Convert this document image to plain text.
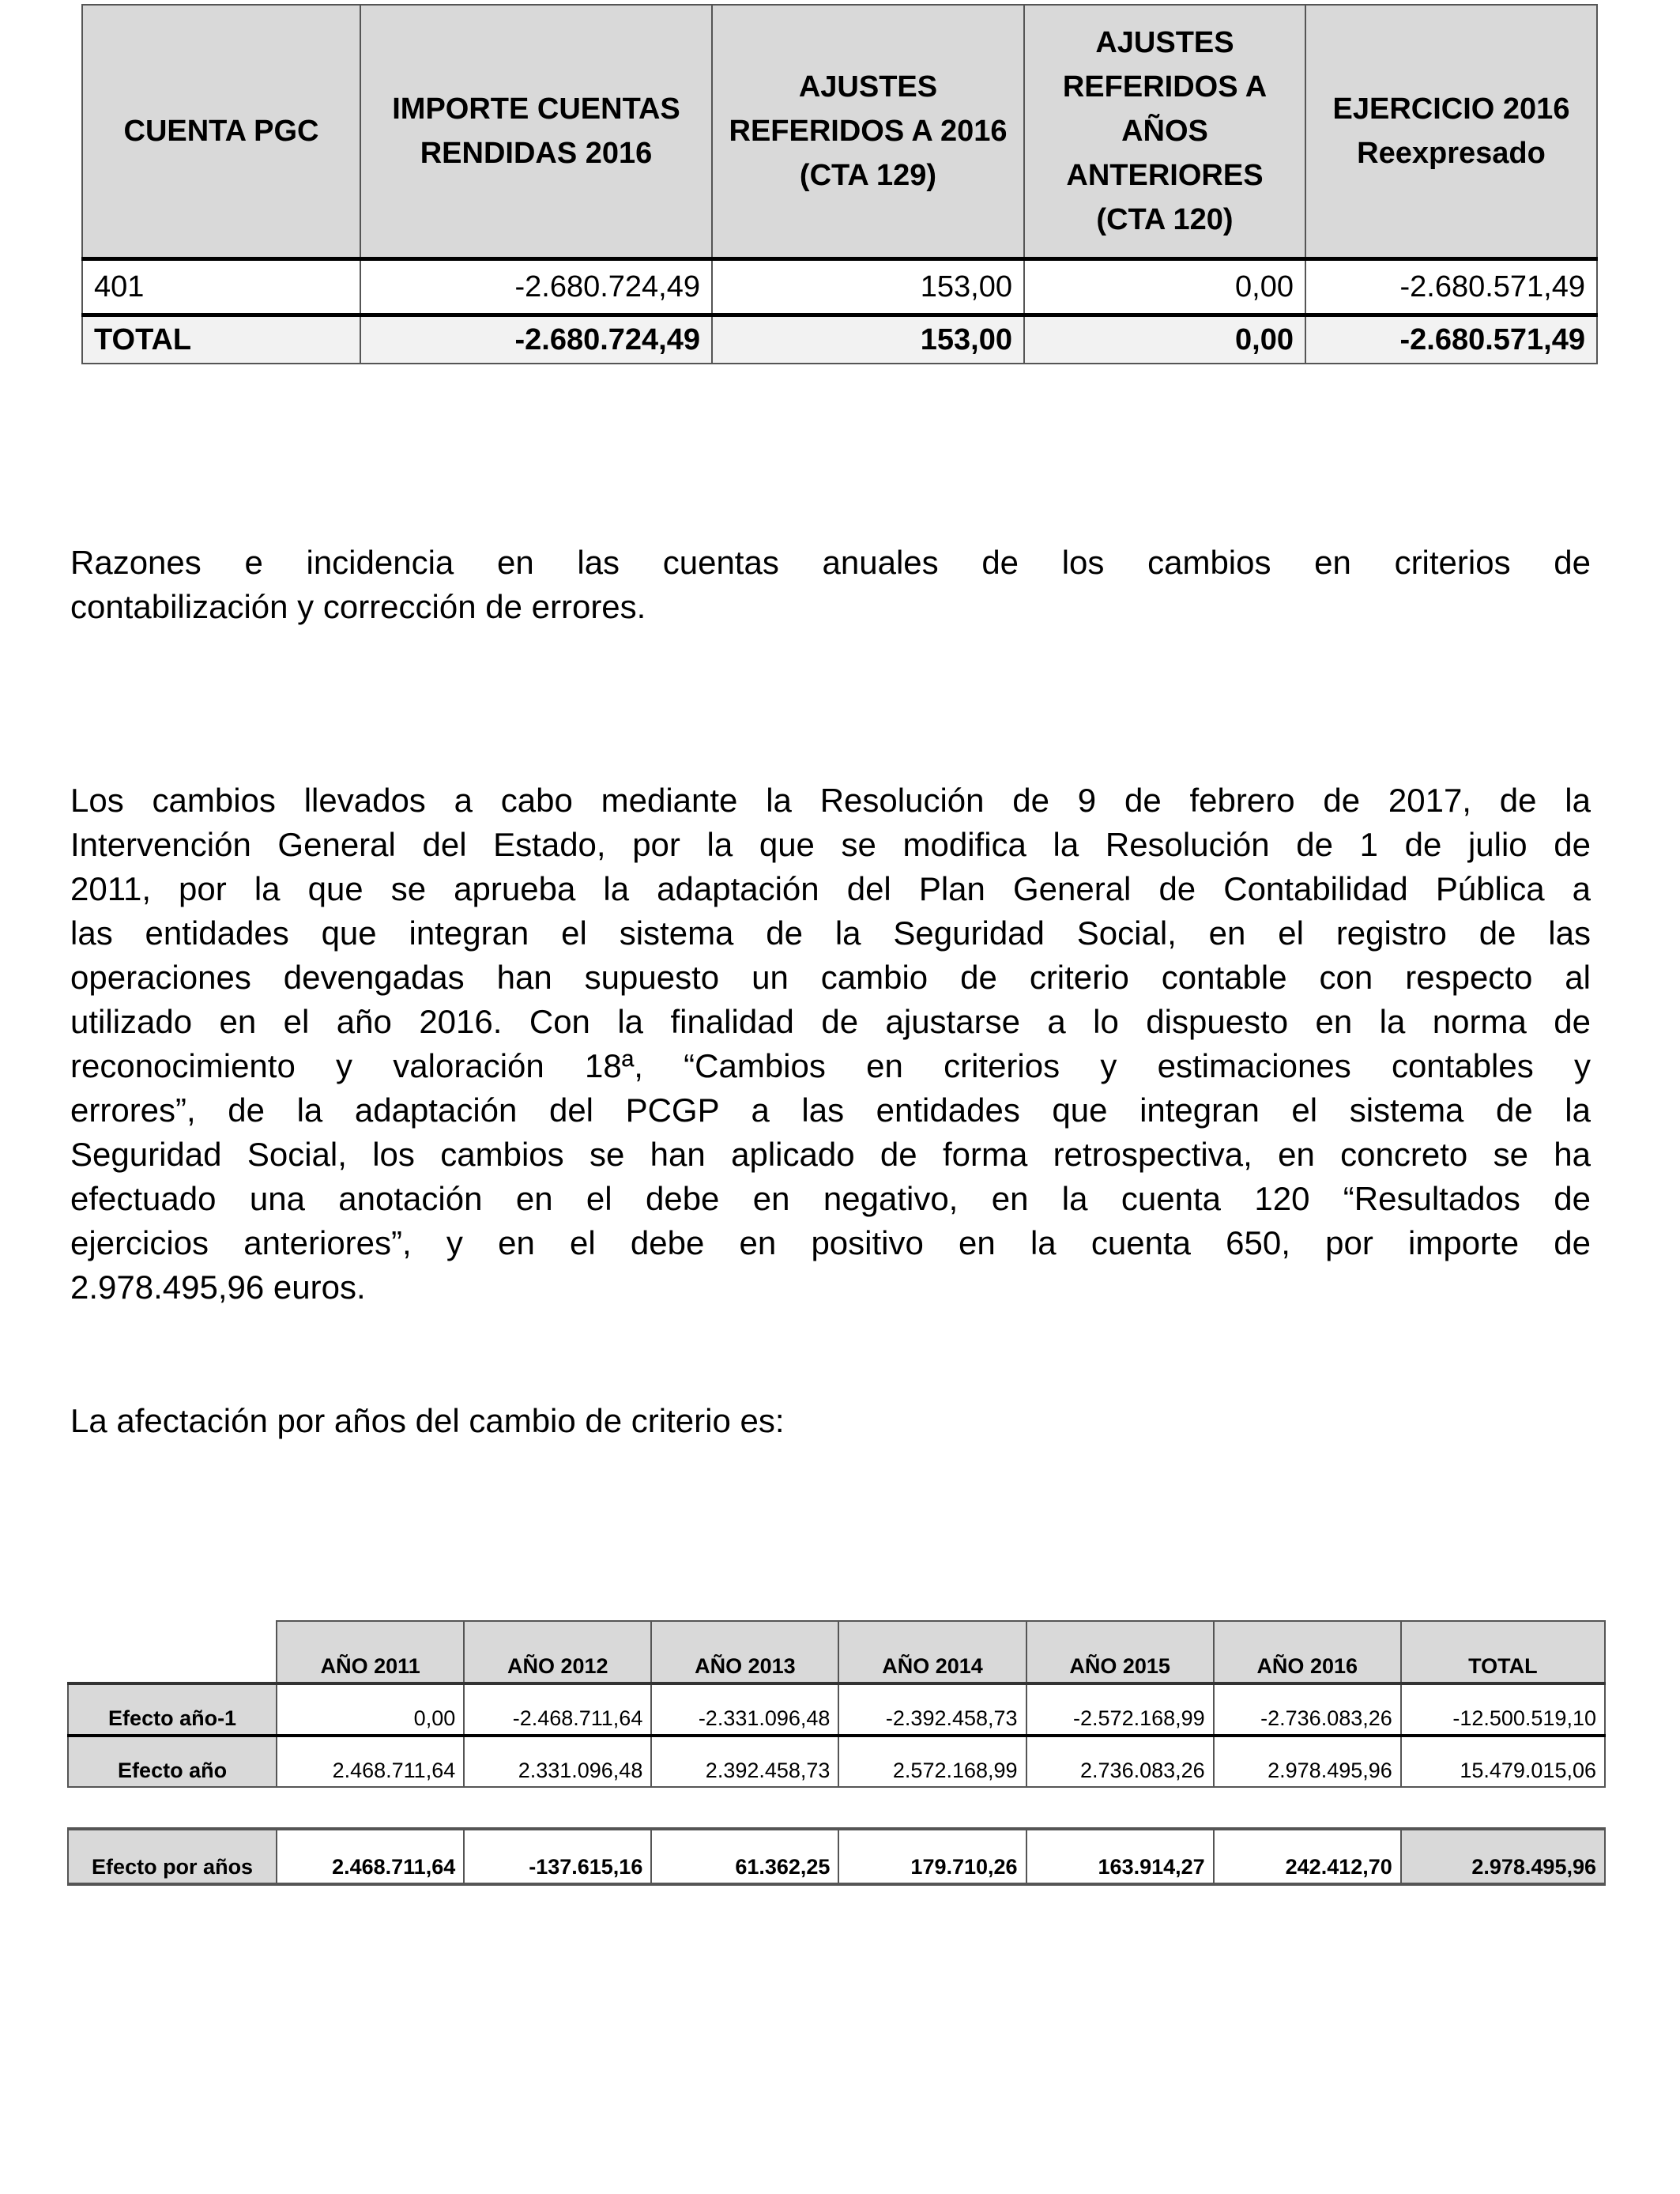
CUENTA PGC	IMPORTE CUENTAS RENDIDAS 2016	AJUSTES REFERIDOS A 2016 (CTA 129)	AJUSTES REFERIDOS A AÑOS ANTERIORES (CTA 120)	EJERCICIO 2016 Reexpresado
401	-2.680.724,49	153,00	0,00	-2.680.571,49
TOTAL	-2.680.724,49	153,00	0,00	-2.680.571,49
Razones e incidencia en las cuentas anuales de los cambios en criterios de
contabilización y corrección de errores.
Los cambios llevados a cabo mediante la Resolución de 9 de febrero de 2017, de la
Intervención General del Estado, por la que se modifica la Resolución de 1 de julio de
2011, por la que se aprueba la adaptación del Plan General de Contabilidad Pública a
las entidades que integran el sistema de la Seguridad Social, en el registro de las
operaciones devengadas han supuesto un cambio de criterio contable con respecto al
utilizado en el año 2016. Con la finalidad de ajustarse a lo dispuesto en la norma de
reconocimiento y valoración 18ª, “Cambios en criterios y estimaciones contables y
errores”, de la adaptación del PCGP a las entidades que integran el sistema de la
Seguridad Social, los cambios se han aplicado de forma retrospectiva, en concreto se ha
efectuado una anotación en el debe en negativo, en la cuenta 120 “Resultados de
ejercicios anteriores”, y en el debe en positivo en la cuenta 650, por importe de
2.978.495,96 euros.
La afectación por años del cambio de criterio es:
	AÑO 2011	AÑO 2012	AÑO 2013	AÑO 2014	AÑO 2015	AÑO 2016	TOTAL
Efecto año-1	0,00	-2.468.711,64	-2.331.096,48	-2.392.458,73	-2.572.168,99	-2.736.083,26	-12.500.519,10
Efecto año	2.468.711,64	2.331.096,48	2.392.458,73	2.572.168,99	2.736.083,26	2.978.495,96	15.479.015,06
Efecto por años	2.468.711,64	-137.615,16	61.362,25	179.710,26	163.914,27	242.412,70	2.978.495,96
